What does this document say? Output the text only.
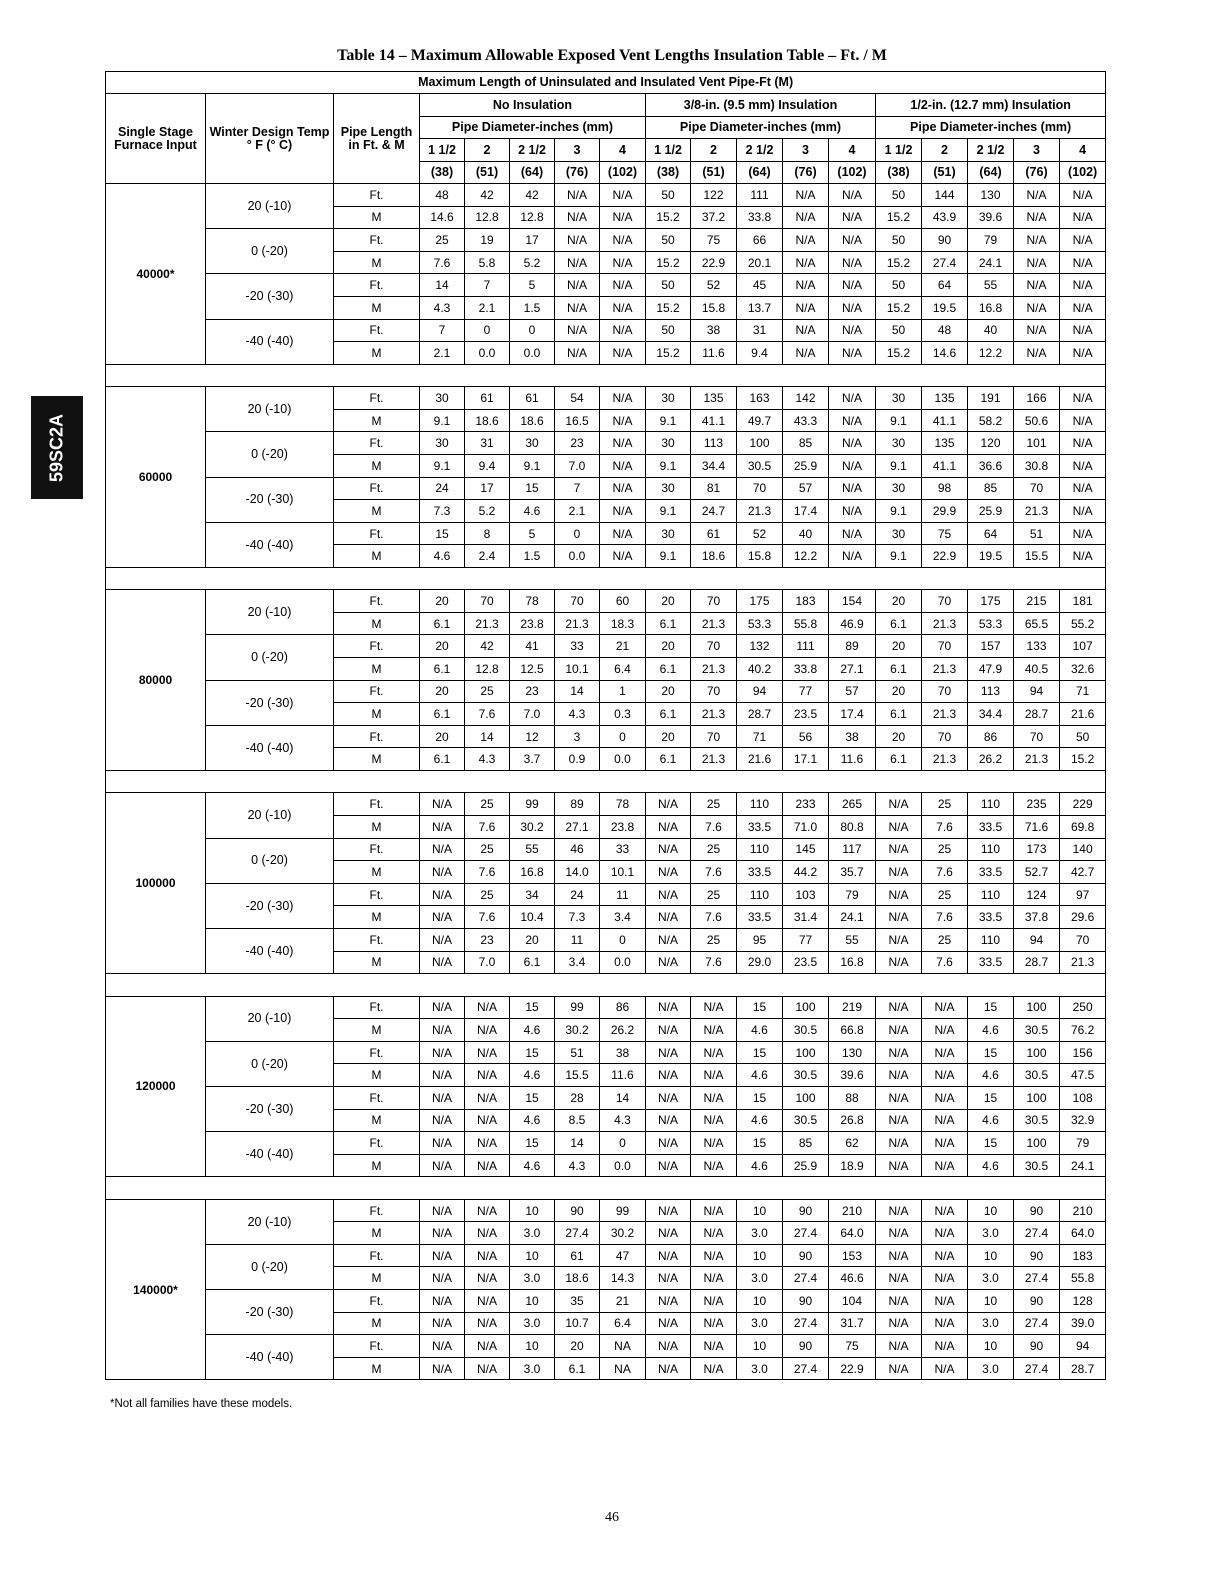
Table 14 – Maximum Allowable Exposed Vent Lengths Insulation Table – Ft. / M
59SC2A
Maximum Length of Uninsulated and Insulated Vent Pipe-Ft (M)																	
Single Stage Furnace Input	Winter Design Temp ° F (° C)	Pipe Length in Ft. & M	No Insulation					3/8-in. (9.5 mm) Insulation					1/2-in. (12.7 mm) Insulation				
			Pipe Diameter-inches (mm)					Pipe Diameter-inches (mm)					Pipe Diameter-inches (mm)				
			1 1/2	2	2 1/2	3	4	1 1/2	2	2 1/2	3	4	1 1/2	2	2 1/2	3	4
			(38)	(51)	(64)	(76)	(102)	(38)	(51)	(64)	(76)	(102)	(38)	(51)	(64)	(76)	(102)
40000*	20 (-10)	Ft.	48	42	42	N/A	N/A	50	122	111	N/A	N/A	50	144	130	N/A	N/A
		M	14.6	12.8	12.8	N/A	N/A	15.2	37.2	33.8	N/A	N/A	15.2	43.9	39.6	N/A	N/A
	0 (-20)	Ft.	25	19	17	N/A	N/A	50	75	66	N/A	N/A	50	90	79	N/A	N/A
		M	7.6	5.8	5.2	N/A	N/A	15.2	22.9	20.1	N/A	N/A	15.2	27.4	24.1	N/A	N/A
	-20 (-30)	Ft.	14	7	5	N/A	N/A	50	52	45	N/A	N/A	50	64	55	N/A	N/A
		M	4.3	2.1	1.5	N/A	N/A	15.2	15.8	13.7	N/A	N/A	15.2	19.5	16.8	N/A	N/A
	-40 (-40)	Ft.	7	0	0	N/A	N/A	50	38	31	N/A	N/A	50	48	40	N/A	N/A
		M	2.1	0.0	0.0	N/A	N/A	15.2	11.6	9.4	N/A	N/A	15.2	14.6	12.2	N/A	N/A

60000	20 (-10)	Ft.	30	61	61	54	N/A	30	135	163	142	N/A	30	135	191	166	N/A
		M	9.1	18.6	18.6	16.5	N/A	9.1	41.1	49.7	43.3	N/A	9.1	41.1	58.2	50.6	N/A
	0 (-20)	Ft.	30	31	30	23	N/A	30	113	100	85	N/A	30	135	120	101	N/A
		M	9.1	9.4	9.1	7.0	N/A	9.1	34.4	30.5	25.9	N/A	9.1	41.1	36.6	30.8	N/A
	-20 (-30)	Ft.	24	17	15	7	N/A	30	81	70	57	N/A	30	98	85	70	N/A
		M	7.3	5.2	4.6	2.1	N/A	9.1	24.7	21.3	17.4	N/A	9.1	29.9	25.9	21.3	N/A
	-40 (-40)	Ft.	15	8	5	0	N/A	30	61	52	40	N/A	30	75	64	51	N/A
		M	4.6	2.4	1.5	0.0	N/A	9.1	18.6	15.8	12.2	N/A	9.1	22.9	19.5	15.5	N/A

80000	20 (-10)	Ft.	20	70	78	70	60	20	70	175	183	154	20	70	175	215	181
		M	6.1	21.3	23.8	21.3	18.3	6.1	21.3	53.3	55.8	46.9	6.1	21.3	53.3	65.5	55.2
	0 (-20)	Ft.	20	42	41	33	21	20	70	132	111	89	20	70	157	133	107
		M	6.1	12.8	12.5	10.1	6.4	6.1	21.3	40.2	33.8	27.1	6.1	21.3	47.9	40.5	32.6
	-20 (-30)	Ft.	20	25	23	14	1	20	70	94	77	57	20	70	113	94	71
		M	6.1	7.6	7.0	4.3	0.3	6.1	21.3	28.7	23.5	17.4	6.1	21.3	34.4	28.7	21.6
	-40 (-40)	Ft.	20	14	12	3	0	20	70	71	56	38	20	70	86	70	50
		M	6.1	4.3	3.7	0.9	0.0	6.1	21.3	21.6	17.1	11.6	6.1	21.3	26.2	21.3	15.2

100000	20 (-10)	Ft.	N/A	25	99	89	78	N/A	25	110	233	265	N/A	25	110	235	229
		M	N/A	7.6	30.2	27.1	23.8	N/A	7.6	33.5	71.0	80.8	N/A	7.6	33.5	71.6	69.8
	0 (-20)	Ft.	N/A	25	55	46	33	N/A	25	110	145	117	N/A	25	110	173	140
		M	N/A	7.6	16.8	14.0	10.1	N/A	7.6	33.5	44.2	35.7	N/A	7.6	33.5	52.7	42.7
	-20 (-30)	Ft.	N/A	25	34	24	11	N/A	25	110	103	79	N/A	25	110	124	97
		M	N/A	7.6	10.4	7.3	3.4	N/A	7.6	33.5	31.4	24.1	N/A	7.6	33.5	37.8	29.6
	-40 (-40)	Ft.	N/A	23	20	11	0	N/A	25	95	77	55	N/A	25	110	94	70
		M	N/A	7.0	6.1	3.4	0.0	N/A	7.6	29.0	23.5	16.8	N/A	7.6	33.5	28.7	21.3

120000	20 (-10)	Ft.	N/A	N/A	15	99	86	N/A	N/A	15	100	219	N/A	N/A	15	100	250
		M	N/A	N/A	4.6	30.2	26.2	N/A	N/A	4.6	30.5	66.8	N/A	N/A	4.6	30.5	76.2
	0 (-20)	Ft.	N/A	N/A	15	51	38	N/A	N/A	15	100	130	N/A	N/A	15	100	156
		M	N/A	N/A	4.6	15.5	11.6	N/A	N/A	4.6	30.5	39.6	N/A	N/A	4.6	30.5	47.5
	-20 (-30)	Ft.	N/A	N/A	15	28	14	N/A	N/A	15	100	88	N/A	N/A	15	100	108
		M	N/A	N/A	4.6	8.5	4.3	N/A	N/A	4.6	30.5	26.8	N/A	N/A	4.6	30.5	32.9
	-40 (-40)	Ft.	N/A	N/A	15	14	0	N/A	N/A	15	85	62	N/A	N/A	15	100	79
		M	N/A	N/A	4.6	4.3	0.0	N/A	N/A	4.6	25.9	18.9	N/A	N/A	4.6	30.5	24.1

140000*	20 (-10)	Ft.	N/A	N/A	10	90	99	N/A	N/A	10	90	210	N/A	N/A	10	90	210
		M	N/A	N/A	3.0	27.4	30.2	N/A	N/A	3.0	27.4	64.0	N/A	N/A	3.0	27.4	64.0
	0 (-20)	Ft.	N/A	N/A	10	61	47	N/A	N/A	10	90	153	N/A	N/A	10	90	183
		M	N/A	N/A	3.0	18.6	14.3	N/A	N/A	3.0	27.4	46.6	N/A	N/A	3.0	27.4	55.8
	-20 (-30)	Ft.	N/A	N/A	10	35	21	N/A	N/A	10	90	104	N/A	N/A	10	90	128
		M	N/A	N/A	3.0	10.7	6.4	N/A	N/A	3.0	27.4	31.7	N/A	N/A	3.0	27.4	39.0
	-40 (-40)	Ft.	N/A	N/A	10	20	NA	N/A	N/A	10	90	75	N/A	N/A	10	90	94
		M	N/A	N/A	3.0	6.1	NA	N/A	N/A	3.0	27.4	22.9	N/A	N/A	3.0	27.4	28.7
*Not all families have these models.
46
